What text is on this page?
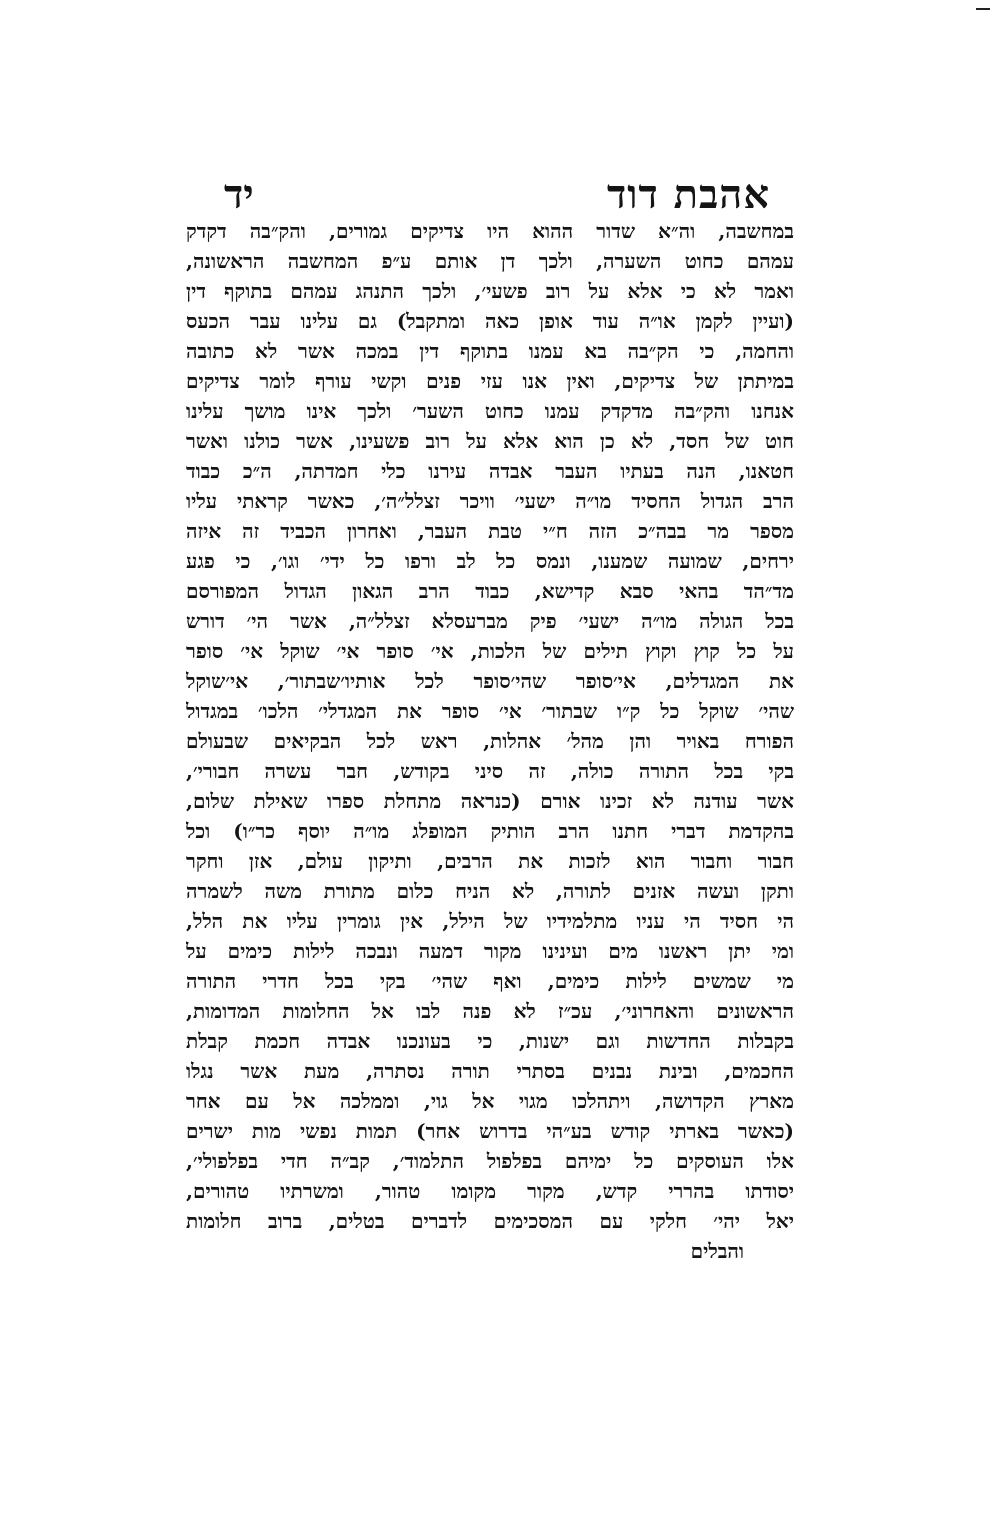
אהבת דוד
יד
במחשבה, וה״א שדור ההוא היו צדיקים גמורים, והק״בה דקדק
עמהם כחוט השערה, ולכך דן אותם ע״פ המחשבה הראשונה,
ואמר לא כי אלא על רוב פשעי׳, ולכך התנהג עמהם בתוקף דין
(ועיין לקמן או״ה עוד אופן כאה ומתקבל) גם עלינו עבר הכעס
והחמה, כי הק״בה בא עמנו בתוקף דין במכה אשר לא כתובה
במיתתן של צדיקים, ואין אנו עזי פנים וקשי עורף לומר צדיקים
אנחנו והק״בה מדקדק עמנו כחוט השער׳ ולכך אינו מושך עלינו
חוט של חסד, לא כן הוא אלא על רוב פשעינו, אשר כולנו ואשר
חטאנו, הנה בעתיו העבר אבדה עירנו כלי חמדתה, ה״כ כבוד
הרב הגדול החסיד מו״ה ישעי׳ וויכר זצלל״ה׳, כאשר קראתי עליו
מספר מר בבה״כ הזה ח״י טבת העבר, ואחרון הכביד זה איזה
ירחים, שמועה שמענו, ונמס כל לב ורפו כל ידי׳ וגו׳, כי פגע
מד״הד בהאי סבא קדישא, כבוד הרב הגאון הגדול המפורסם
בכל הגולה מו״ה ישעי׳ פיק מברעסלא זצלל״ה, אשר הי׳ דורש
על כל קוץ וקוץ תילים של הלכות, אי׳ סופר אי׳ שוקל אי׳ סופר
את המגדלים, אי׳סופר שהי׳סופר לכל אותיו׳שבתור׳, אי׳שוקל
שהי׳ שוקל כל ק״ו שבתור׳ אי׳ סופר את המגדלי׳ הלכו׳ במגדול
הפורח באויר והן מהל׳ אהלות, ראש לכל הבקיאים שבעולם
בקי בכל התורה כולה, זה סיני בקודש, חבר עשרה חבורי׳,
אשר עודנה לא זכינו אורם (כנראה מתחלת ספרו שאילת שלום,
בהקדמת דברי חתנו הרב הותיק המופלג מו״ה יוסף כר״ו) וכל
חבור וחבור הוא לזכות את הרבים, ותיקון עולם, אזן וחקר
ותקן ועשה אזנים לתורה, לא הניח כלום מתורת משה לשמרה
הי חסיד הי עניו מתלמידיו של הילל, אין גומרין עליו את הלל,
ומי יתן ראשנו מים ועינינו מקור דמעה ונבכה לילות כימים על
מי שמשים לילות כימים, ואף שהי׳ בקי בכל חדרי התורה
הראשונים והאחרוני׳, עכ״ז לא פנה לבו אל החלומות המדומות,
בקבלות החדשות וגם ישנות, כי בעונכנו אבדה חכמת קבלת
החכמים, ובינת נבנים בסתרי תורה נסתרה, מעת אשר נגלו
מארץ הקדושה, ויתהלכו מגוי אל גוי, וממלכה אל עם אחר
(כאשר בארתי קודש בע״הי בדרוש אחר) תמות נפשי מות ישרים
אלו העוסקים כל ימיהם בפלפול התלמוד׳, קב״ה חדי בפלפולי׳,
יסודתו בהררי קדש, מקור מקומו טהור, ומשרתיו טהורים,
יאל יהי׳ חלקי עם המסכימים לדברים בטלים, ברוב חלומות
והבלים
